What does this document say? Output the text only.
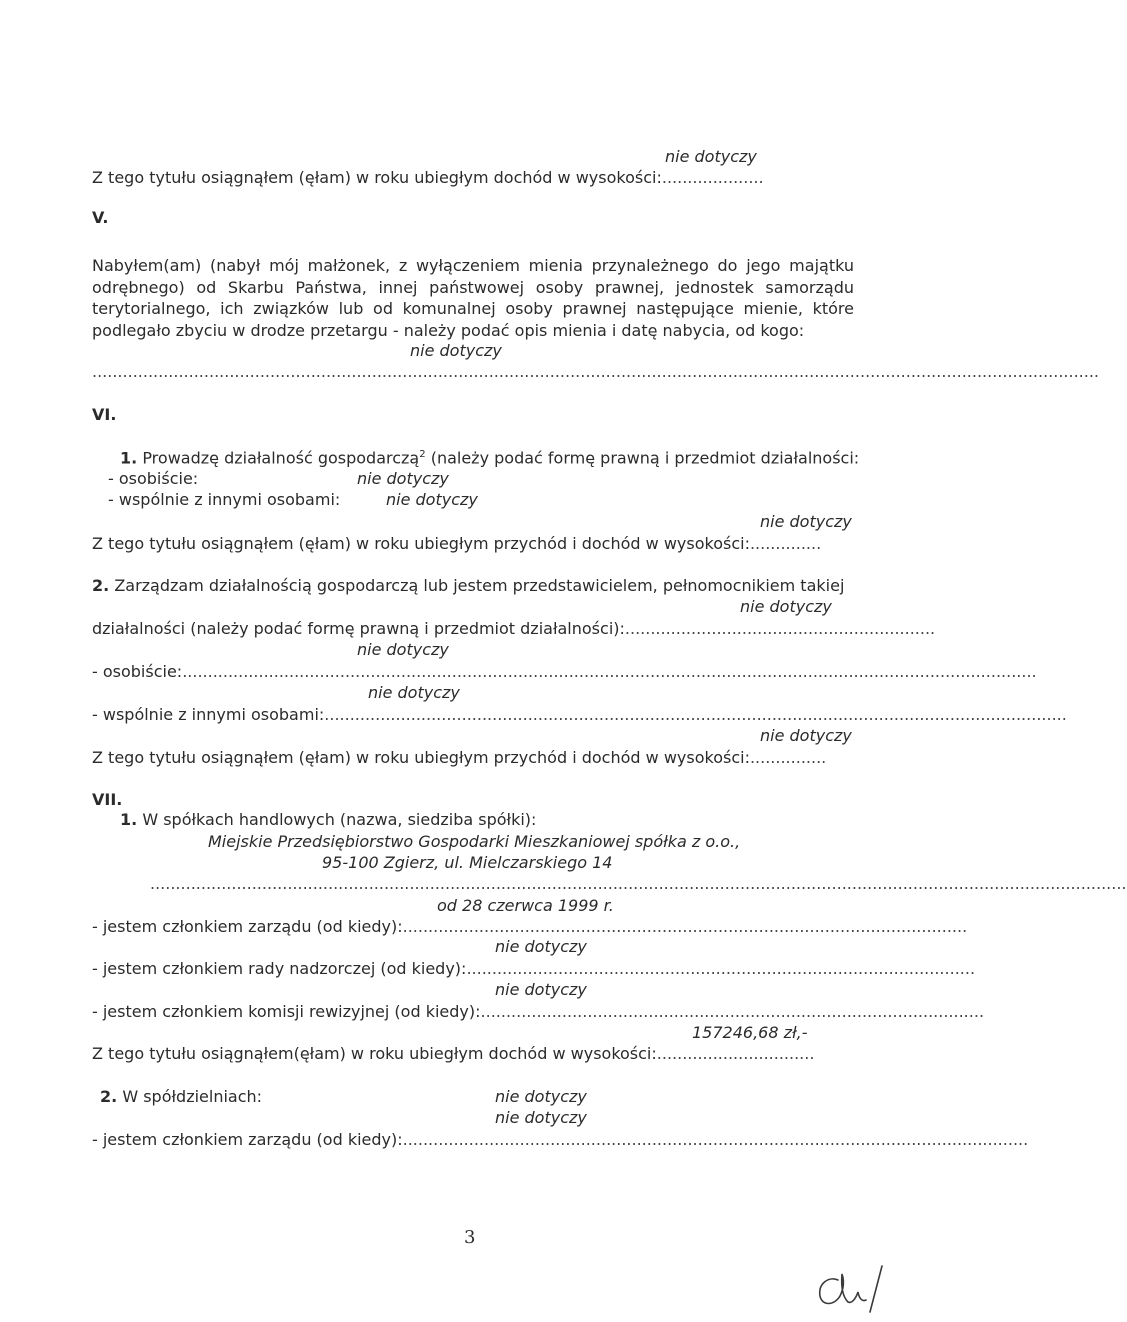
nie dotyczy
Z tego tytułu osiągnąłem (ęłam) w roku ubiegłym dochód w wysokości:....................
V.
Nabyłem(am) (nabył mój małżonek, z wyłączeniem mienia przynależnego do jego majątku
odrębnego) od Skarbu Państwa, innej państwowej osoby prawnej, jednostek samorządu
terytorialnego, ich związków lub od komunalnej osoby prawnej następujące mienie, które
podlegało zbyciu w drodze przetargu - należy podać opis mienia i datę nabycia, od kogo:
nie dotyczy
......................................................................................................................................................................................................
VI.
1. Prowadzę działalność gospodarczą$^2$ (należy podać formę prawną i przedmiot działalności:
- osobiście:	nie dotyczy
- wspólnie z innymi osobami:	nie dotyczy
nie dotyczy
Z tego tytułu osiągnąłem (ęłam) w roku ubiegłym przychód i dochód w wysokości:..............
2. Zarządzam działalnością gospodarczą lub jestem przedstawicielem, pełnomocnikiem takiej
nie dotyczy
działalności (należy podać formę prawną i przedmiot działalności):.............................................................
nie dotyczy
- osobiście:........................................................................................................................................................................
nie dotyczy
- wspólnie z innymi osobami:..................................................................................................................................................
nie dotyczy
Z tego tytułu osiągnąłem (ęłam) w roku ubiegłym przychód i dochód w wysokości:...............
VII.
1. W spółkach handlowych (nazwa, siedziba spółki):
Miejskie Przedsiębiorstwo Gospodarki Mieszkaniowej spółka z o.o.,
95-100 Zgierz, ul. Mielczarskiego 14
................................................................................................................................................................................................
od 28 czerwca 1999 r.
- jestem członkiem zarządu (od kiedy):...............................................................................................................
nie dotyczy
- jestem członkiem rady nadzorczej (od kiedy):....................................................................................................
nie dotyczy
- jestem członkiem komisji rewizyjnej (od kiedy):...................................................................................................
157246,68 zł,-
Z tego tytułu osiągnąłem(ęłam) w roku ubiegłym dochód w wysokości:...............................
2. W spółdzielniach:	nie dotyczy
nie dotyczy
- jestem członkiem zarządu (od kiedy):...........................................................................................................................
3
